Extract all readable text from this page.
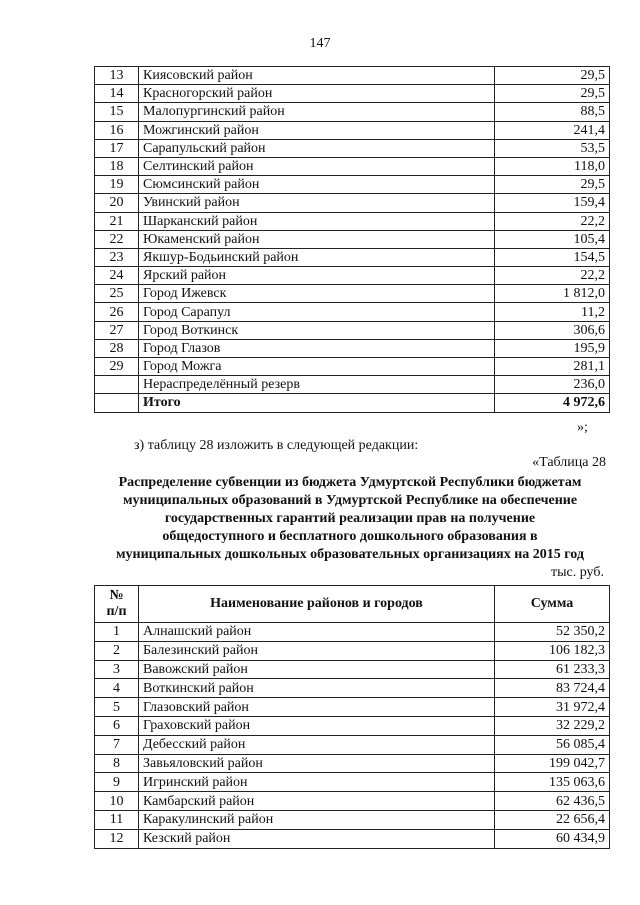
147
13	Киясовский район	29,5
14	Красногорский район	29,5
15	Малопургинский район	88,5
16	Можгинский район	241,4
17	Сарапульский район	53,5
18	Селтинский район	118,0
19	Сюмсинский район	29,5
20	Увинский район	159,4
21	Шарканский район	22,2
22	Юкаменский район	105,4
23	Якшур-Бодьинский район	154,5
24	Ярский район	22,2
25	Город Ижевск	1 812,0
26	Город Сарапул	11,2
27	Город Воткинск	306,6
28	Город Глазов	195,9
29	Город Можга	281,1
	Нераспределённый резерв	236,0
	Итого	4 972,6
»;
з) таблицу 28 изложить в следующей редакции:
«Таблица 28
Распределение субвенции из бюджета Удмуртской Республики бюджетам
муниципальных образований в Удмуртской Республике на обеспечение
государственных гарантий реализации прав на получение
общедоступного и бесплатного дошкольного образования в
муниципальных дошкольных образовательных организациях на 2015 год
тыс. руб.
№
п/п	Наименование районов и городов	Сумма
1	Алнашский район	52 350,2
2	Балезинский район	106 182,3
3	Вавожский район	61 233,3
4	Воткинский район	83 724,4
5	Глазовский район	31 972,4
6	Граховский район	32 229,2
7	Дебесский район	56 085,4
8	Завьяловский район	199 042,7
9	Игринский район	135 063,6
10	Камбарский район	62 436,5
11	Каракулинский район	22 656,4
12	Кезский район	60 434,9
